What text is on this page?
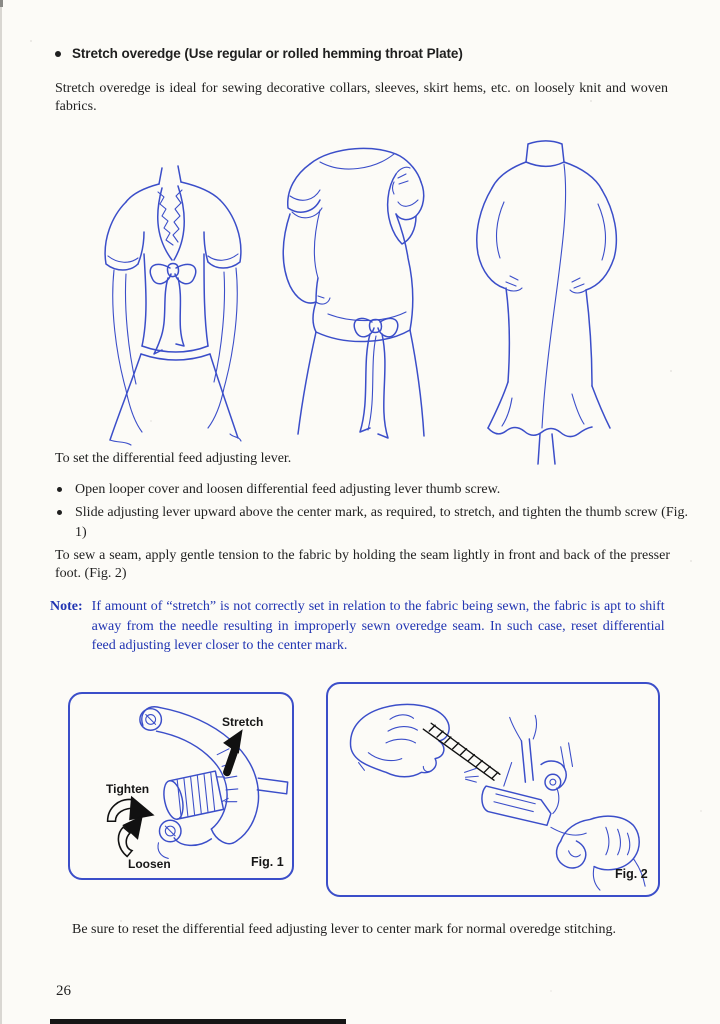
Stretch overedge (Use regular or rolled hemming throat Plate)
Stretch overedge is ideal for sewing decorative collars, sleeves, skirt hems, etc. on loosely knit and woven fabrics.
To set the differential feed adjusting lever.
Open looper cover and loosen differential feed adjusting lever thumb screw.
Slide adjusting lever upward above the center mark, as required, to stretch, and tighten the thumb screw (Fig. 1)
To sew a seam, apply gentle tension to the fabric by holding the seam lightly in front and back of the presser foot. (Fig. 2)
Note: If amount of “stretch” is not correctly set in relation to the fabric being sewn, the fabric is apt to shift away from the needle resulting in improperly sewn overedge seam. In such case, reset differential feed adjusting lever closer to the center mark.
Stretch
Tighten
Loosen	Fig. 1
Fig. 2
Be sure to reset the differential feed adjusting lever to center mark for normal overedge stitching.
26
